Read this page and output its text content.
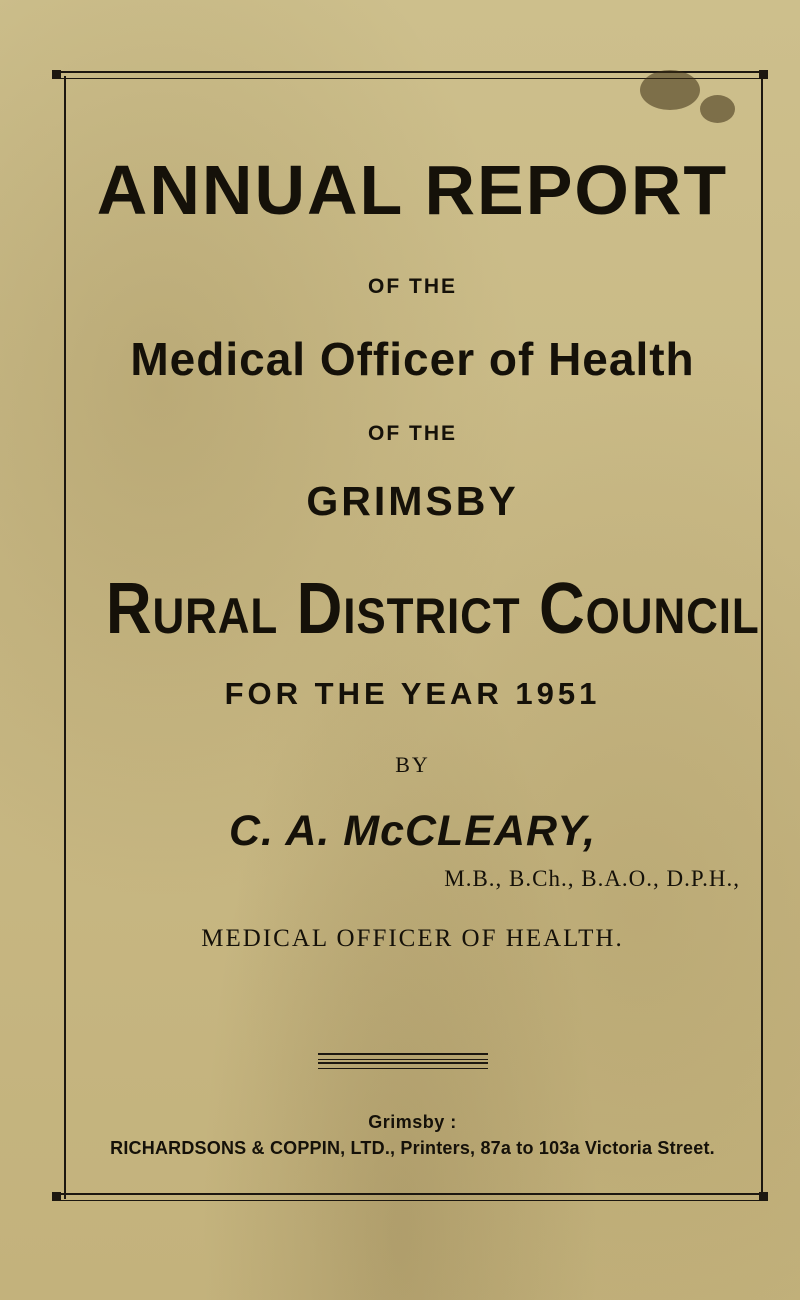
ANNUAL REPORT
OF THE
Medical Officer of Health
OF THE
GRIMSBY
Rural District Council
FOR THE YEAR 1951
BY
C. A. McCLEARY,
M.B., B.Ch., B.A.O., D.P.H.,
MEDICAL OFFICER OF HEALTH.
Grimsby :
RICHARDSONS & COPPIN, LTD., Printers, 87a to 103a Victoria Street.
